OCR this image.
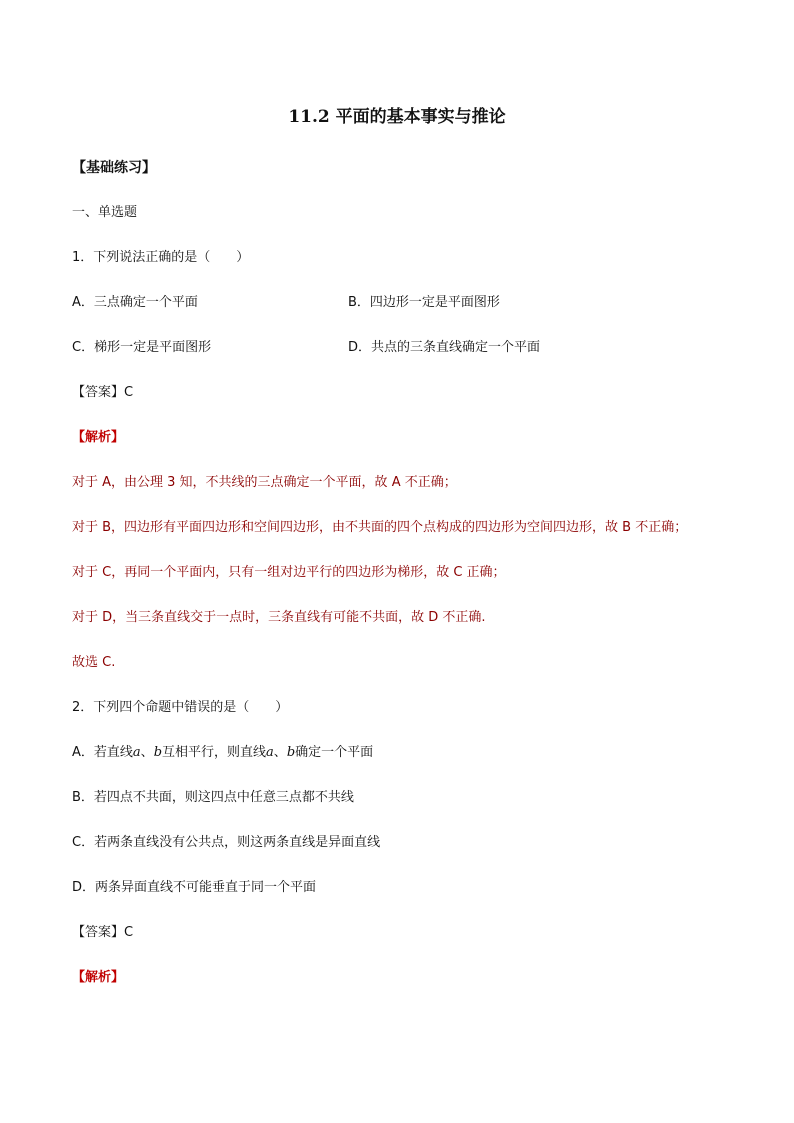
11.2 平面的基本事实与推论
【基础练习】
一、单选题
1．下列说法正确的是（　　）
A．三点确定一个平面	B．四边形一定是平面图形
C．梯形一定是平面图形	D．共点的三条直线确定一个平面
【答案】C
【解析】
对于 A，由公理 3 知，不共线的三点确定一个平面，故 A 不正确；
对于 B，四边形有平面四边形和空间四边形，由不共面的四个点构成的四边形为空间四边形，故 B 不正确；
对于 C，再同一个平面内，只有一组对边平行的四边形为梯形，故 C 正确；
对于 D，当三条直线交于一点时，三条直线有可能不共面，故 D 不正确.
故选 C.
2．下列四个命题中错误的是（　　）
A．若直线a、b互相平行，则直线a、b确定一个平面
B．若四点不共面，则这四点中任意三点都不共线
C．若两条直线没有公共点，则这两条直线是异面直线
D．两条异面直线不可能垂直于同一个平面
【答案】C
【解析】
